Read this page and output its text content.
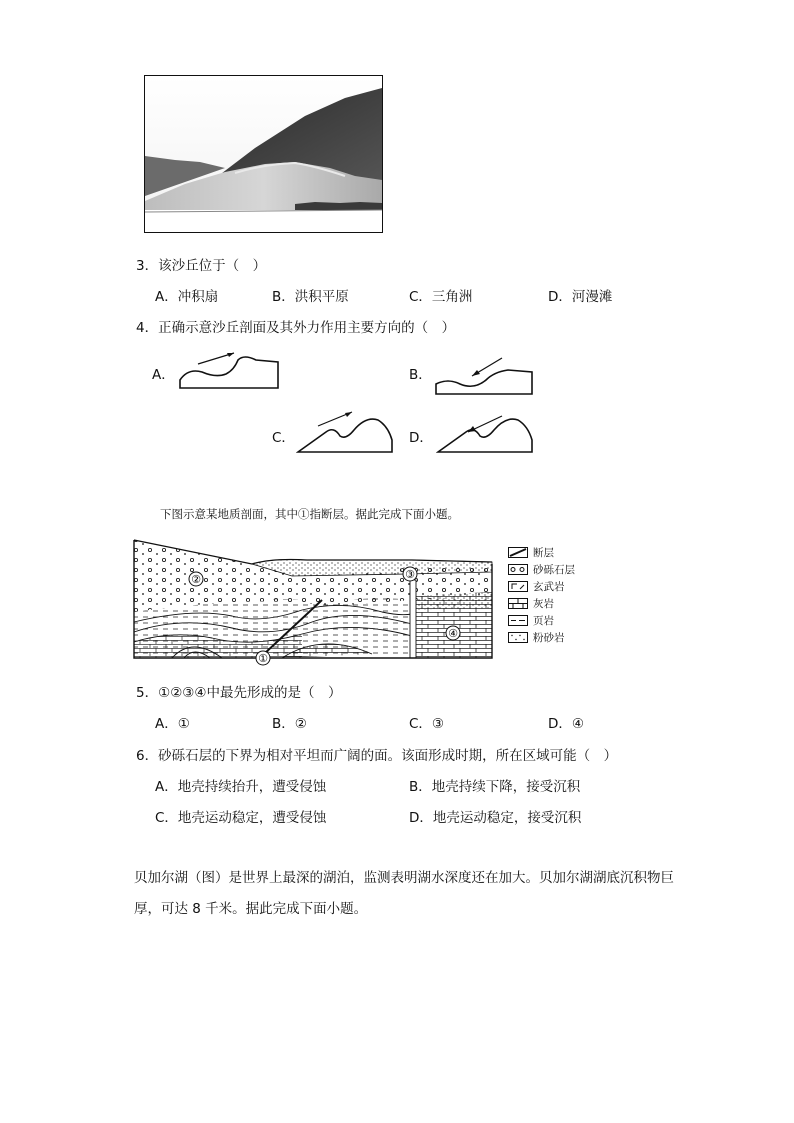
3．该沙丘位于（　）
A．冲积扇	B．洪积平原	C．三角洲	D．河漫滩
4．正确示意沙丘剖面及其外力作用主要方向的（　）
A．	B．
C．	D．
下图示意某地质剖面，其中①指断层。据此完成下面小题。
①
②	③
④
断层
砂砾石层
玄武岩
灰岩
页岩
粉砂岩
5．①②③④中最先形成的是（　）
A．①	B．②	C．③	D．④
6．砂砾石层的下界为相对平坦而广阔的面。该面形成时期，所在区域可能（　）
A．地壳持续抬升，遭受侵蚀	B．地壳持续下降，接受沉积
C．地壳运动稳定，遭受侵蚀	D．地壳运动稳定，接受沉积
贝加尔湖（图）是世界上最深的湖泊，监测表明湖水深度还在加大。贝加尔湖湖底沉积物巨厚，可达 8 千米。据此完成下面小题。
